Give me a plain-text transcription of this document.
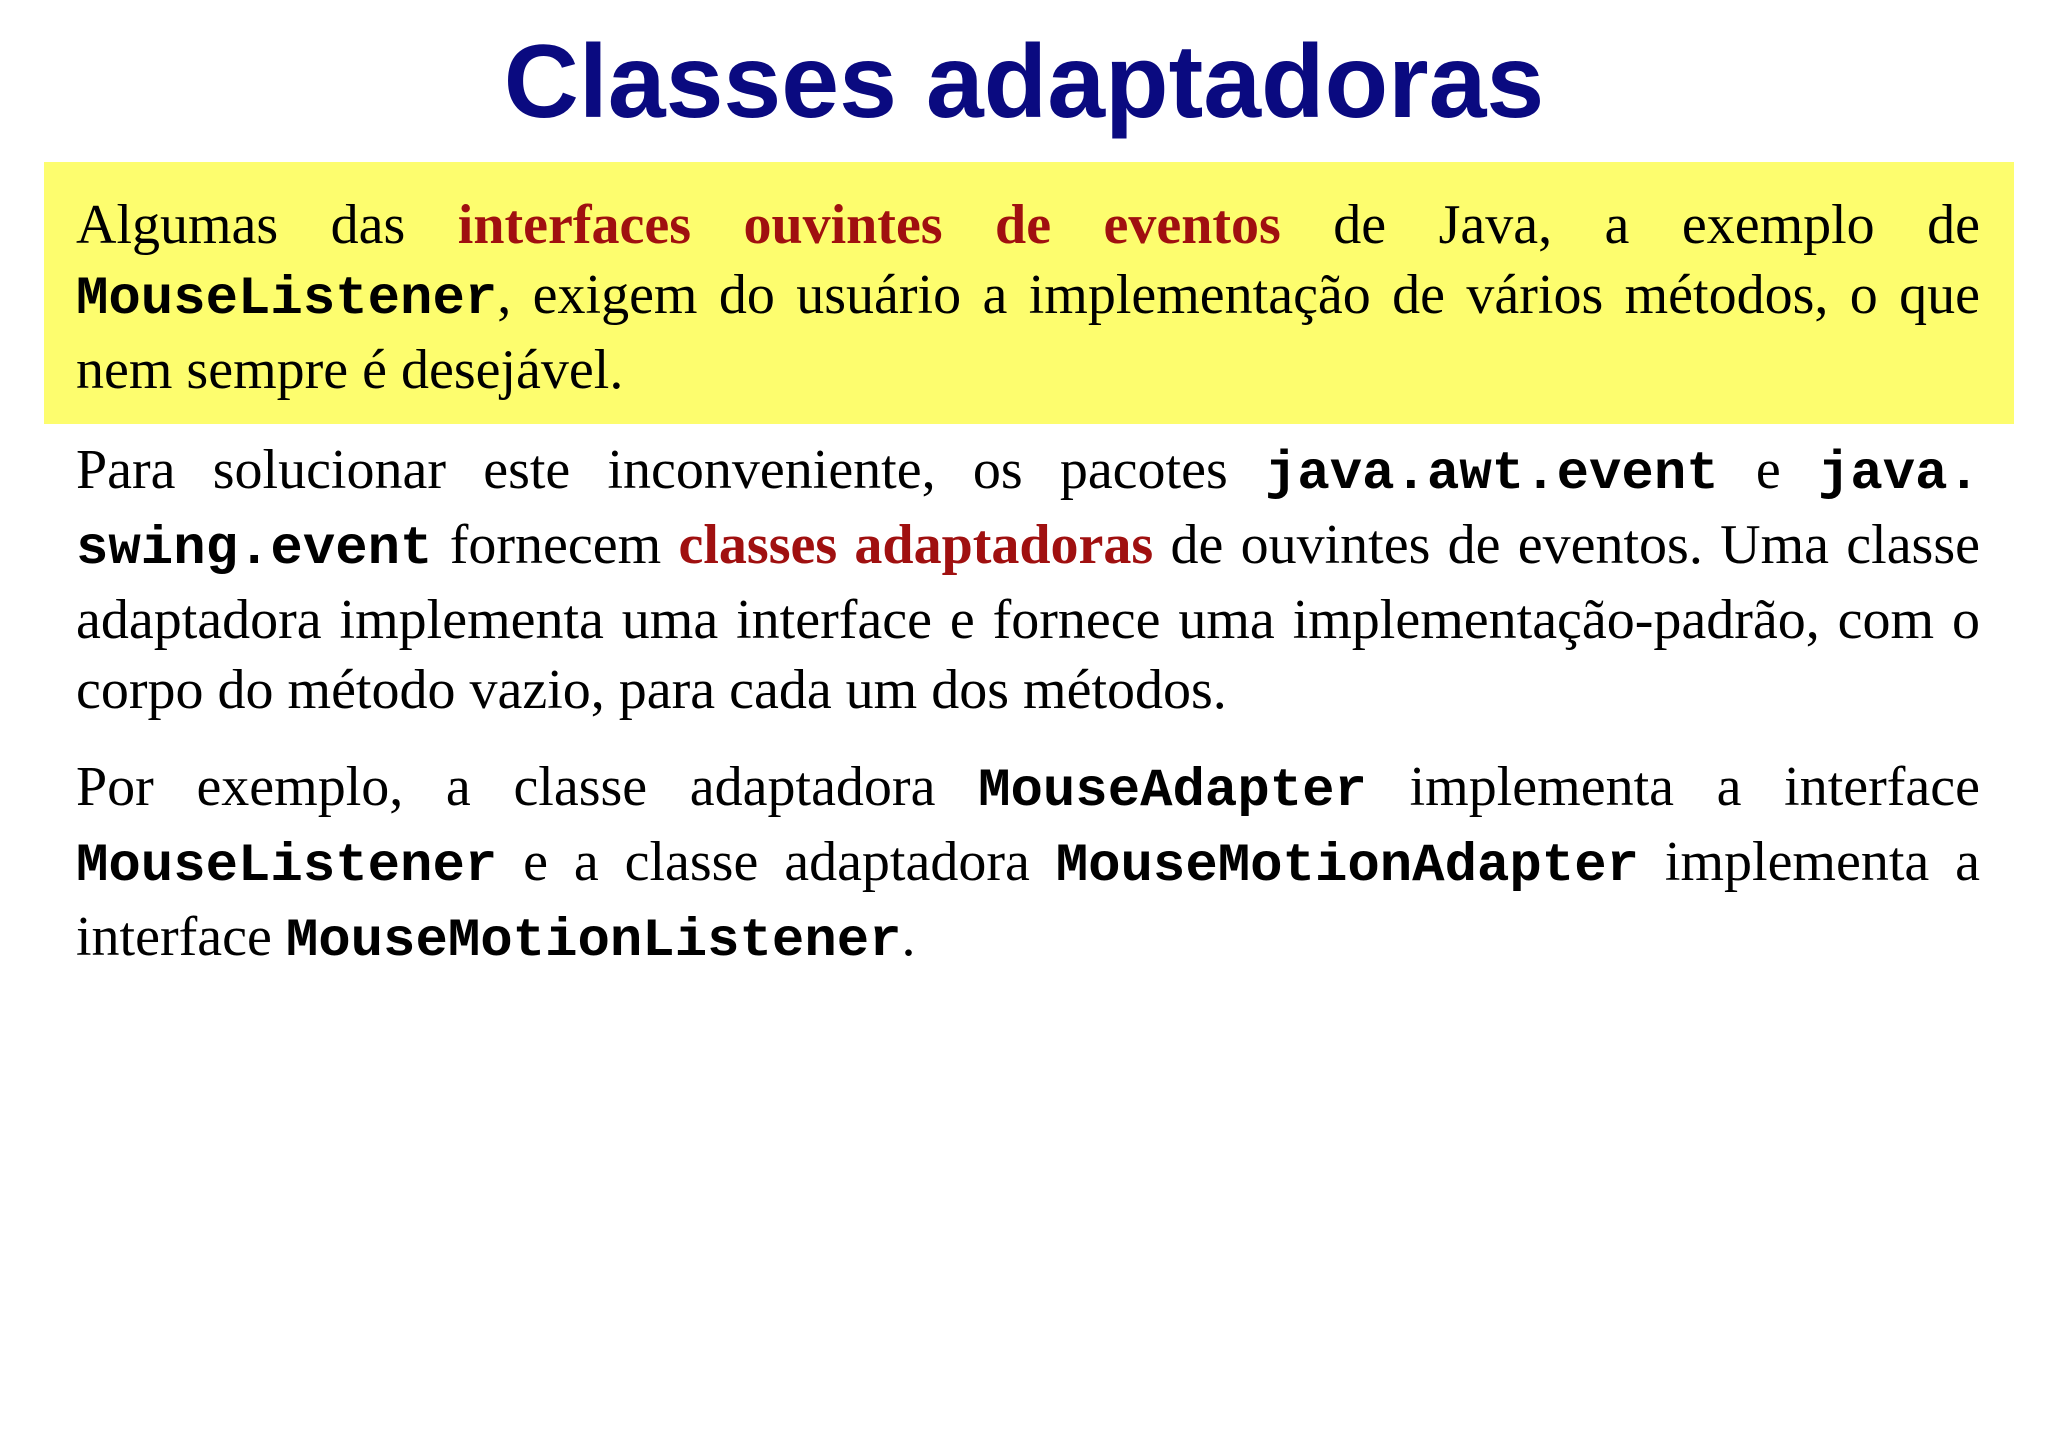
Classes adaptadoras

Algumas das interfaces ouvintes de eventos de Java, a exemplo de MouseListener, exigem do usuário a implementação de vários métodos, o que nem sempre é desejável.

Para solucionar este inconveniente, os pacotes java.awt.event e java. swing.event fornecem classes adaptadoras de ouvintes de eventos. Uma classe adaptadora implementa uma interface e fornece uma implementação-padrão, com o corpo do método vazio, para cada um dos métodos.

Por exemplo, a classe adaptadora MouseAdapter implementa a interface MouseListener e a classe adaptadora MouseMotionAdapter implementa a interface MouseMotionListener.
